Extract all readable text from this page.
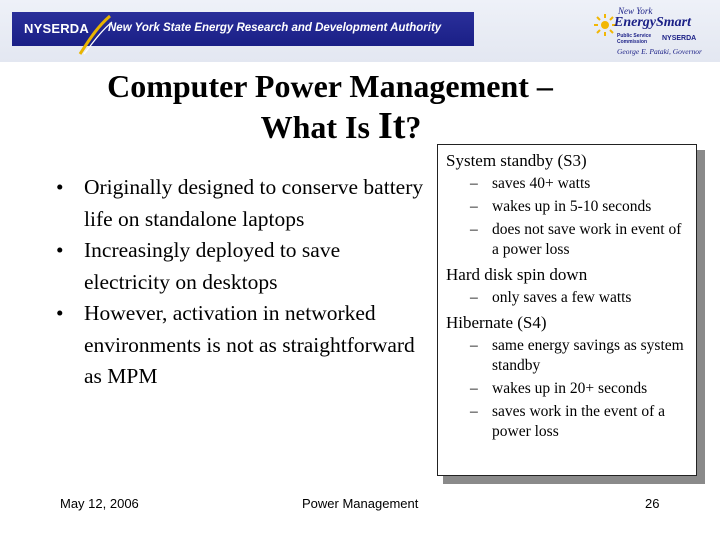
NYSERDA New York State Energy Research and Development Authority
New York
EnergySmart
Public Service Commission	NYSERDA
George E. Pataki, Governor
Computer Power Management –
What Is It?
• Originally designed to conserve battery life on standalone laptops
• Increasingly deployed to save electricity on desktops
• However, activation in networked environments is not as straightforward as MPM

System standby (S3)

– saves 40+ watts
– wakes up in 5-10 seconds
– does not save work in event of a power loss

Hard disk spin down

– only saves a few watts

Hibernate (S4)

– same energy savings as system standby
– wakes up in 20+ seconds
– saves work in the event of a power loss
May 12, 2006	Power Management	26
